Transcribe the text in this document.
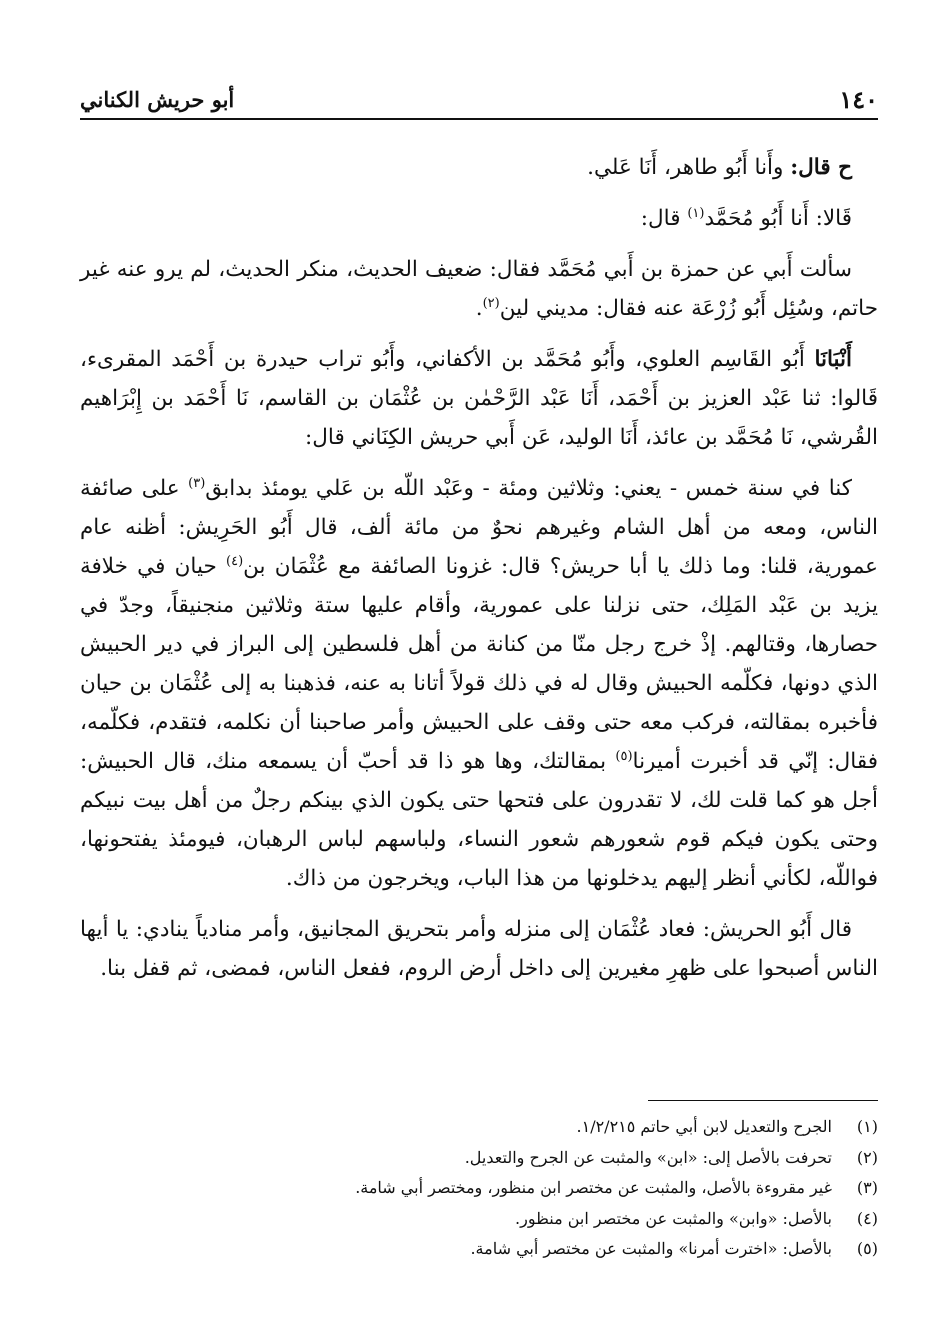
أبو حريش الكناني	١٤٠

ح قال: وأَنا أَبُو طاهر، أَنَا عَلي.

قَالا: أَنا أَبُو مُحَمَّد$^{(١)}$ قال:

سألت أَبي عن حمزة بن أَبي مُحَمَّد فقال: ضعيف الحديث، منكر الحديث، لم يرو عنه غير حاتم، وسُئِل أَبُو زُرْعَة عنه فقال: مديني لين$^{(٢)}$.

أَنْبَانَا أَبُو القَاسِم العلوي، وأَبُو مُحَمَّد بن الأكفاني، وأَبُو تراب حيدرة بن أَحْمَد المقرىء، قَالوا: ثنا عَبْد العزيز بن أَحْمَد، أَنَا عَبْد الرَّحْمٰن بن عُثْمَان بن القاسم، نَا أَحْمَد بن إِبْرَاهيم القُرشي، نَا مُحَمَّد بن عائذ، أَنَا الوليد، عَن أَبي حريش الكِنَاني قال:

كنا في سنة خمس - يعني: وثلاثين ومئة - وعَبْد اللّه بن عَلي يومئذ بدابق$^{(٣)}$ على صائفة الناس، ومعه من أهل الشام وغيرهم نحوٌ من مائة ألف، قال أَبُو الحَرِيش: أظنه عام عمورية، قلنا: وما ذلك يا أبا حريش؟ قال: غزونا الصائفة مع عُثْمَان بن$^{(٤)}$ حيان في خلافة يزيد بن عَبْد المَلِك، حتى نزلنا على عمورية، وأقام عليها ستة وثلاثين منجنيقاً، وجدّ في حصارها، وقتالهم. إذْ خرج رجل منّا من كنانة من أهل فلسطين إلى البراز في دير الحبيش الذي دونها، فكلّمه الحبيش وقال له في ذلك قولاً أتانا به عنه، فذهبنا به إلى عُثْمَان بن حيان فأخبره بمقالته، فركب معه حتى وقف على الحبيش وأمر صاحبنا أن نكلمه، فتقدم، فكلّمه، فقال: إنّي قد أخبرت أميرنا$^{(٥)}$ بمقالتك، وها هو ذا قد أحبّ أن يسمعه منك، قال الحبيش: أجل هو كما قلت لك، لا تقدرون على فتحها حتى يكون الذي بينكم رجلٌ من أهل بيت نبيكم وحتى يكون فيكم قوم شعورهم شعور النساء، ولباسهم لباس الرهبان، فيومئذ يفتحونها، فواللّه، لكأني أنظر إليهم يدخلونها من هذا الباب، ويخرجون من ذاك.

قال أَبُو الحريش: فعاد عُثْمَان إلى منزله وأمر بتحريق المجانيق، وأمر منادياً ينادي: يا أيها الناس أصبحوا على ظهرِ مغيرين إلى داخل أرض الروم، ففعل الناس، فمضى، ثم قفل بنا.

(١)
الجرح والتعديل لابن أبي حاتم ١/٢/٢١٥.
(٢)
تحرفت بالأصل إلى: «ابن» والمثبت عن الجرح والتعديل.
(٣)
غير مقروءة بالأصل، والمثبت عن مختصر ابن منظور، ومختصر أبي شامة.
(٤)
بالأصل: «وابن» والمثبت عن مختصر ابن منظور.
(٥)
بالأصل: «اخترت أمرنا» والمثبت عن مختصر أبي شامة.
